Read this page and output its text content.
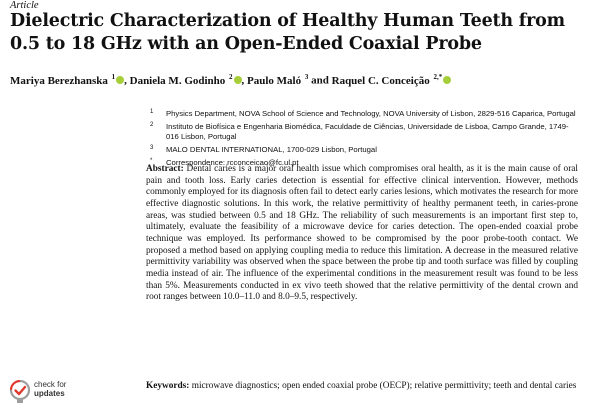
Article
Dielectric Characterization of Healthy Human Teeth from 0.5 to 18 GHz with an Open-Ended Coaxial Probe
Mariya Berezhanska $^1$ , Daniela M. Godinho $^2$ , Paulo Maló $^3$ and Raquel C. Conceição $^{2,*}$
1 Physics Department, NOVA School of Science and Technology, NOVA University of Lisbon, 2829-516 Caparica, Portugal
2 Instituto de Biofísica e Engenharia Biomédica, Faculdade de Ciências, Universidade de Lisboa, Campo Grande, 1749-016 Lisbon, Portugal
3 MALO DENTAL INTERNATIONAL, 1700-029 Lisbon, Portugal
* Correspondence: rcconceicao@fc.ul.pt

Abstract: Dental caries is a major oral health issue which compromises oral health, as it is the main cause of oral pain and tooth loss. Early caries detection is essential for effective clinical intervention. However, methods commonly employed for its diagnosis often fail to detect early caries lesions, which motivates the research for more effective diagnostic solutions. In this work, the relative permittivity of healthy permanent teeth, in caries-prone areas, was studied between 0.5 and 18 GHz. The reliability of such measurements is an important first step to, ultimately, evaluate the feasibility of a microwave device for caries detection. The open-ended coaxial probe technique was employed. Its performance showed to be compromised by the poor probe-tooth contact. We proposed a method based on applying coupling media to reduce this limitation. A decrease in the measured relative permittivity variability was observed when the space between the probe tip and tooth surface was filled by coupling media instead of air. The influence of the experimental conditions in the measurement result was found to be less than 5%. Measurements conducted in ex vivo teeth showed that the relative permittivity of the dental crown and root ranges between 10.0–11.0 and 8.0–9.5, respectively.

check for
updates

Keywords: microwave diagnostics; open ended coaxial probe (OECP); relative permittivity; teeth and dental caries
